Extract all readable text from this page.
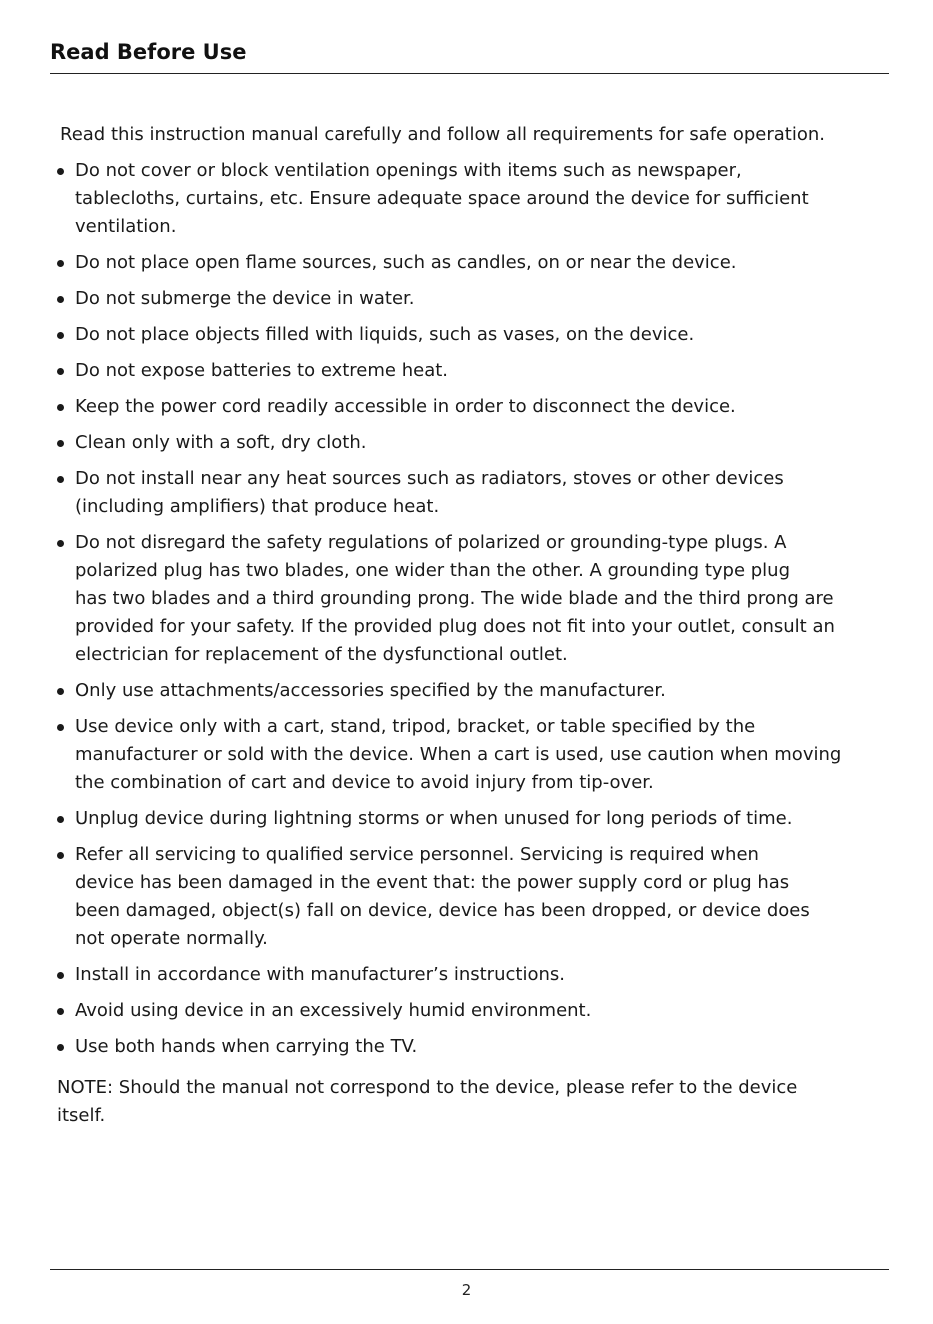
Read Before Use
Read this instruction manual carefully and follow all requirements for safe operation.
Do not cover or block ventilation openings with items such as newspaper,
tablecloths, curtains, etc. Ensure adequate space around the device for sufficient
ventilation.
Do not place open flame sources, such as candles, on or near the device.
Do not submerge the device in water.
Do not place objects filled with liquids, such as vases, on the device.
Do not expose batteries to extreme heat.
Keep the power cord readily accessible in order to disconnect the device.
Clean only with a soft, dry cloth.
Do not install near any heat sources such as radiators, stoves or other devices
(including amplifiers) that produce heat.
Do not disregard the safety regulations of polarized or grounding-type plugs. A
polarized plug has two blades, one wider than the other. A grounding type plug
has two blades and a third grounding prong. The wide blade and the third prong are
provided for your safety. If the provided plug does not fit into your outlet, consult an
electrician for replacement of the dysfunctional outlet.
Only use attachments/accessories specified by the manufacturer.
Use device only with a cart, stand, tripod, bracket, or table specified by the
manufacturer or sold with the device. When a cart is used, use caution when moving
the combination of cart and device to avoid injury from tip-over.
Unplug device during lightning storms or when unused for long periods of time.
Refer all servicing to qualified service personnel. Servicing is required when
device has been damaged in the event that: the power supply cord or plug has
been damaged, object(s) fall on device, device has been dropped, or device does
not operate normally.
Install in accordance with manufacturer’s instructions.
Avoid using device in an excessively humid environment.
Use both hands when carrying the TV.
NOTE: Should the manual not correspond to the device, please refer to the device
itself.
2
